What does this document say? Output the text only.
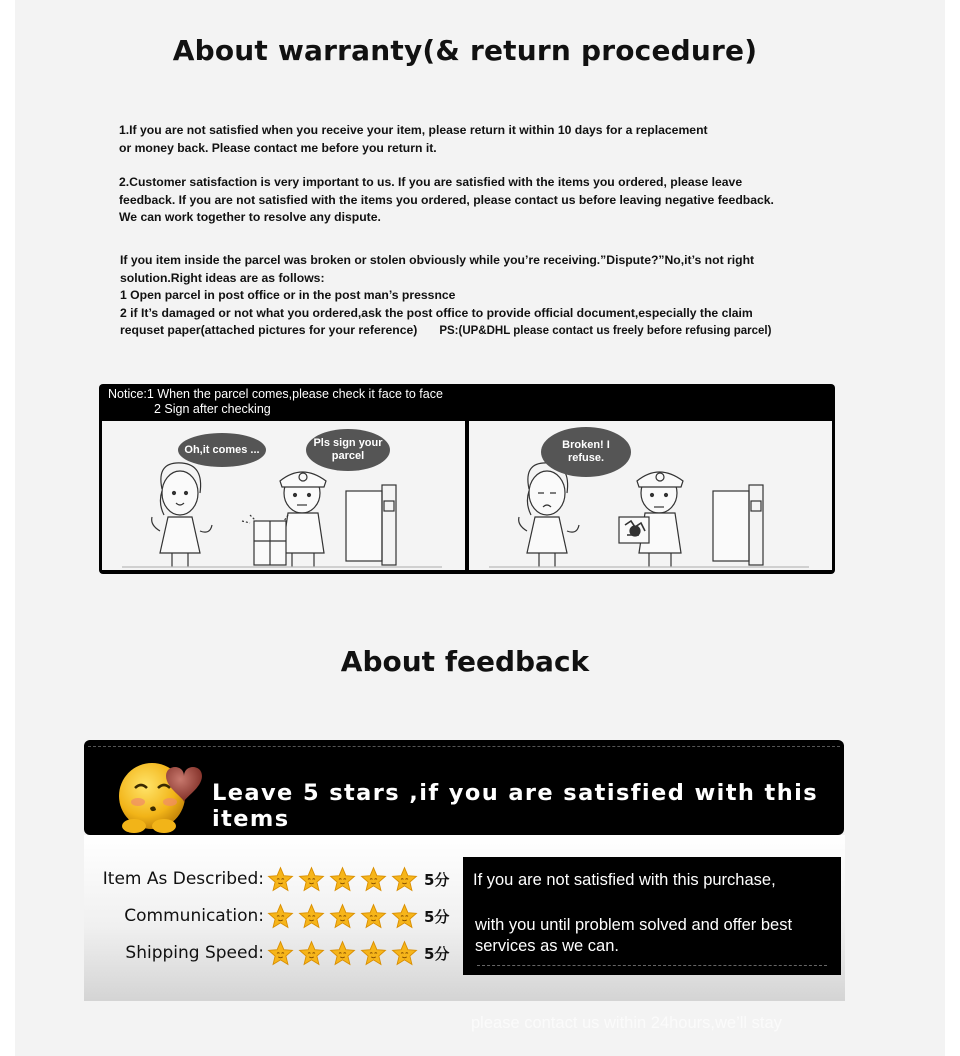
About warranty(& return procedure)

1.If you are not satisfied when you receive your item, please return it within 10 days for a replacement

or money back. Please contact me before you return it.

2.Customer satisfaction is very important to us. If you are satisfied with the items you ordered, please leave

feedback. If you are not satisfied with the items you ordered, please contact us before leaving negative feedback.

We can work together to resolve any dispute.

If you item inside the parcel was broken or stolen obviously while you’re receiving.”Dispute?”No,it’s not right

solution.Right ideas are as follows:

1 Open parcel in post office or in the post man’s pressnce

2 if It’s damaged or not what you ordered,ask the post office to provide official document,especially the claim

requset paper(attached pictures for your reference) PS:(UP&DHL please contact us freely before refusing parcel)

Notice:1 When the parcel comes,please check it face to face
2 Sign after checking
Oh,it comes ...
Pls sign your parcel
Broken! I refuse.
About feedback
Leave 5 stars ,if you are satisfied with this items
Item As Described:	5分
Communication:	5分
Shipping Speed:	5分
If you are not satisfied with this purchase,
with you until problem solved and offer best services as we can.
please contact us within 24hours,we’ll stay
